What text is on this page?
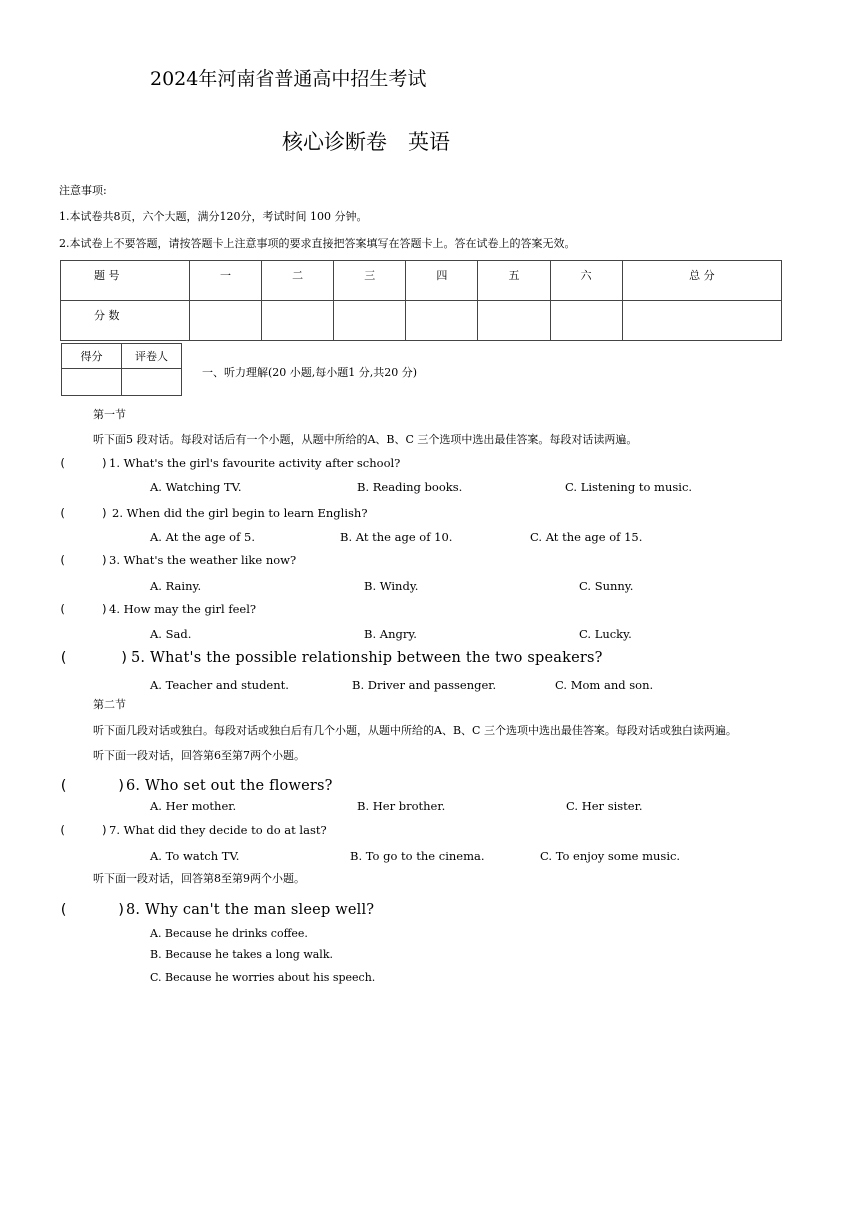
2024年河南省普通高中招生考试
核心诊断卷　英语
注意事项:
1.本试卷共8页，六个大题，满分120分，考试时间 100 分钟。
2.本试卷上不要答题，请按答题卡上注意事项的要求直接把答案填写在答题卡上。答在试卷上的答案无效。
题 号	一	二	三	四	五	六	总 分
分 数							
得分	评卷人

一、听力理解(20 小题,每小题1 分,共20 分)
第一节
听下面5 段对话。每段对话后有一个小题，从题中所给的A、B、C 三个选项中选出最佳答案。每段对话读两遍。
(	) 1. What's the girl's favourite activity after school?
A. Watching TV.	B. Reading books.	C. Listening to music.
(	) 2. When did the girl begin to learn English?
A. At the age of 5.	B. At the age of 10.	C. At the age of 15.
(	) 3. What's the weather like now?
A. Rainy.	B. Windy.	C. Sunny.
(	) 4. How may the girl feel?
A. Sad.	B. Angry.	C. Lucky.
(	) 5. What's the possible relationship between the two speakers?
A. Teacher and student.	B. Driver and passenger.	C. Mom and son.
第二节
听下面几段对话或独白。每段对话或独白后有几个小题，从题中所给的A、B、C 三个选项中选出最佳答案。每段对话或独白读两遍。
听下面一段对话，回答第6至第7两个小题。
(	) 6. Who set out the flowers?
A. Her mother.	B. Her brother.	C. Her sister.
(	) 7. What did they decide to do at last?
A. To watch TV.	B. To go to the cinema.	C. To enjoy some music.
听下面一段对话，回答第8至第9两个小题。
(	) 8. Why can't the man sleep well?
A. Because he drinks coffee.
B. Because he takes a long walk.
C. Because he worries about his speech.
